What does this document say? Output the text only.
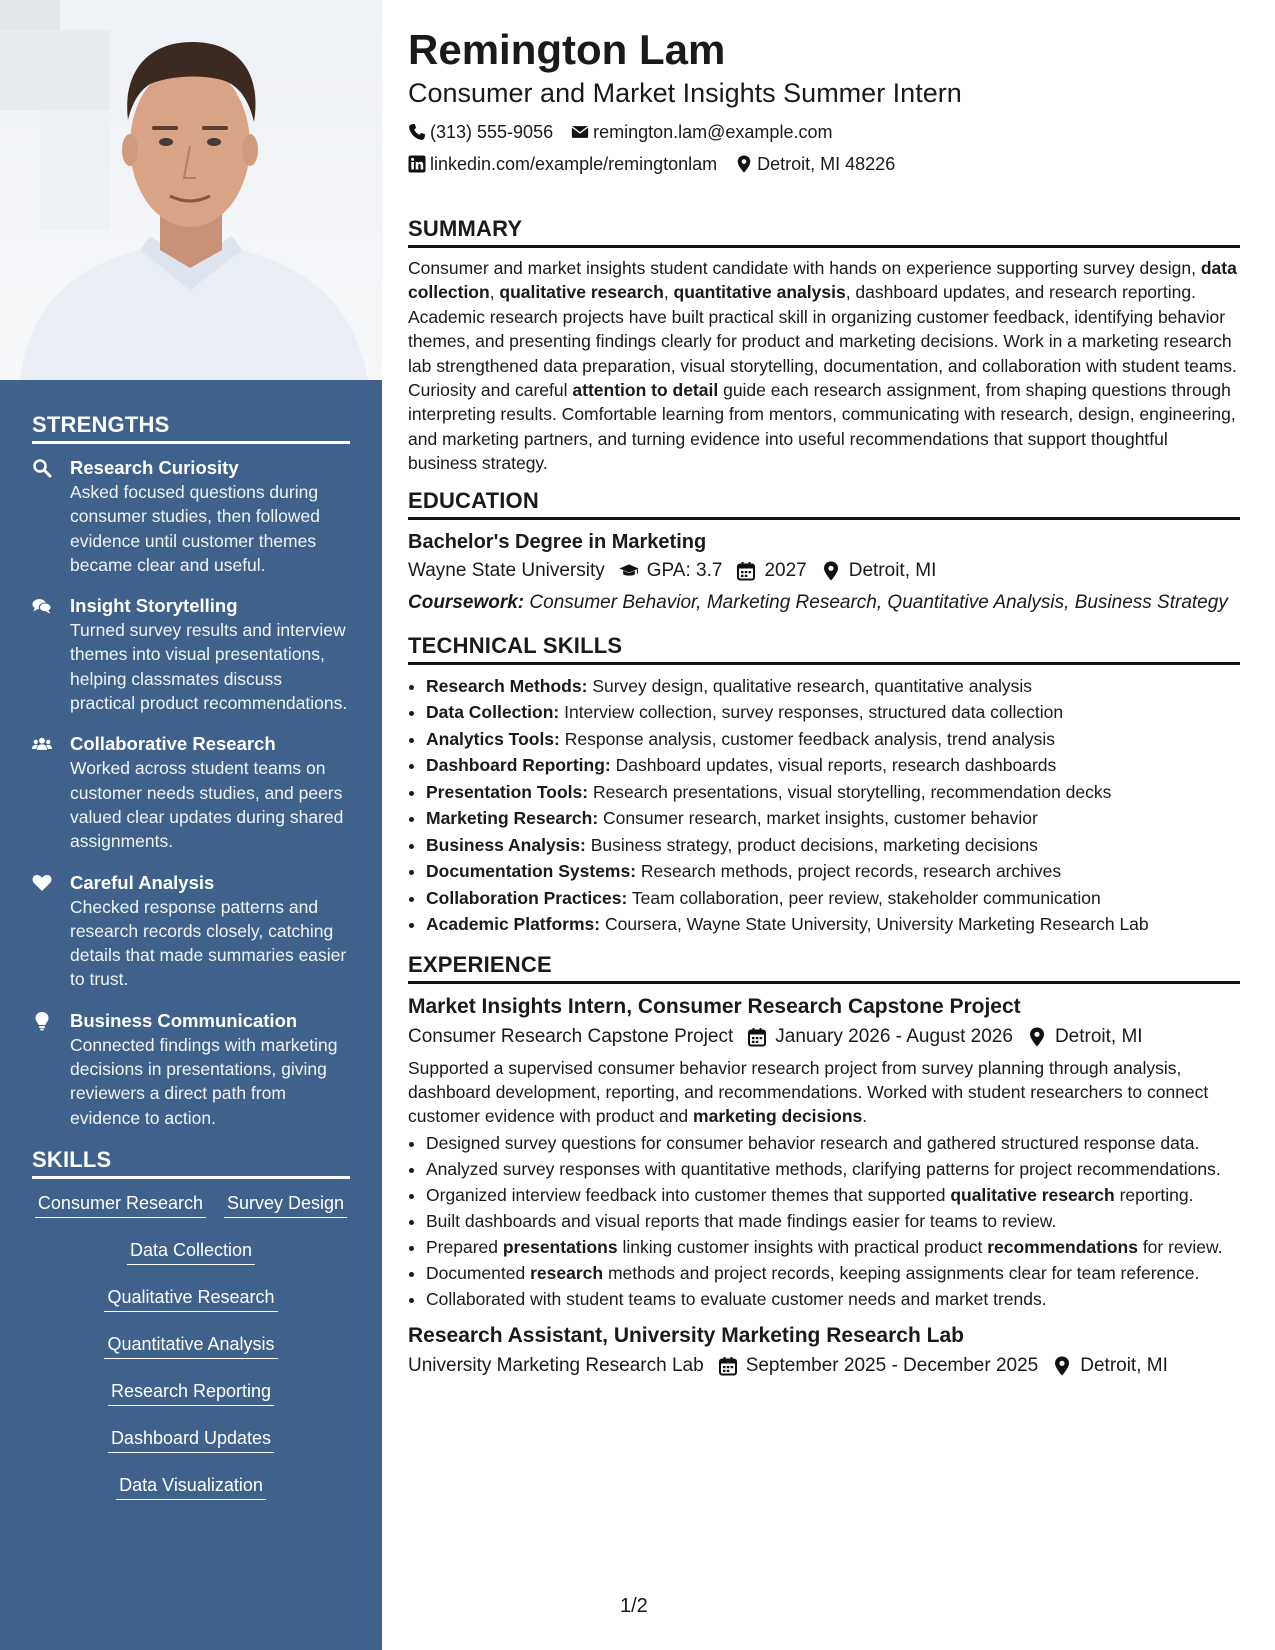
STRENGTHS
Research Curiosity
Asked focused questions during consumer studies, then followed evidence until customer themes became clear and useful.
Insight Storytelling
Turned survey results and interview themes into visual presentations, helping classmates discuss practical product recommendations.
Collaborative Research
Worked across student teams on customer needs studies, and peers valued clear updates during shared assignments.
Careful Analysis
Checked response patterns and research records closely, catching details that made summaries easier to trust.
Business Communication
Connected findings with marketing decisions in presentations, giving reviewers a direct path from evidence to action.
SKILLS
Consumer Research Survey Design
Data Collection
Qualitative Research
Quantitative Analysis
Research Reporting
Dashboard Updates
Data Visualization
Remington Lam
Consumer and Market Insights Summer Intern
(313) 555-9056 remington.lam@example.com
linkedin.com/example/remingtonlam Detroit, MI 48226
SUMMARY

Consumer and market insights student candidate with hands on experience supporting survey design, data collection, qualitative research, quantitative analysis, dashboard updates, and research reporting. Academic research projects have built practical skill in organizing customer feedback, identifying behavior themes, and presenting findings clearly for product and marketing decisions. Work in a marketing research lab strengthened data preparation, visual storytelling, documentation, and collaboration with student teams. Curiosity and careful attention to detail guide each research assignment, from shaping questions through interpreting results. Comfortable learning from mentors, communicating with research, design, engineering, and marketing partners, and turning evidence into useful recommendations that support thoughtful business strategy.

EDUCATION
Bachelor's Degree in Marketing
Wayne State University GPA: 3.7 2027 Detroit, MI
Coursework: Consumer Behavior, Marketing Research, Quantitative Analysis, Business Strategy
TECHNICAL SKILLS
• Research Methods: Survey design, qualitative research, quantitative analysis
• Data Collection: Interview collection, survey responses, structured data collection
• Analytics Tools: Response analysis, customer feedback analysis, trend analysis
• Dashboard Reporting: Dashboard updates, visual reports, research dashboards
• Presentation Tools: Research presentations, visual storytelling, recommendation decks
• Marketing Research: Consumer research, market insights, customer behavior
• Business Analysis: Business strategy, product decisions, marketing decisions
• Documentation Systems: Research methods, project records, research archives
• Collaboration Practices: Team collaboration, peer review, stakeholder communication
• Academic Platforms: Coursera, Wayne State University, University Marketing Research Lab
EXPERIENCE
Market Insights Intern, Consumer Research Capstone Project
Consumer Research Capstone Project January 2026 - August 2026 Detroit, MI
Supported a supervised consumer behavior research project from survey planning through analysis, dashboard development, reporting, and recommendations. Worked with student researchers to connect customer evidence with product and marketing decisions.
• Designed survey questions for consumer behavior research and gathered structured response data.
• Analyzed survey responses with quantitative methods, clarifying patterns for project recommendations.
• Organized interview feedback into customer themes that supported qualitative research reporting.
• Built dashboards and visual reports that made findings easier for teams to review.
• Prepared presentations linking customer insights with practical product recommendations for review.
• Documented research methods and project records, keeping assignments clear for team reference.
• Collaborated with student teams to evaluate customer needs and market trends.
Research Assistant, University Marketing Research Lab
University Marketing Research Lab September 2025 - December 2025 Detroit, MI
1/2
